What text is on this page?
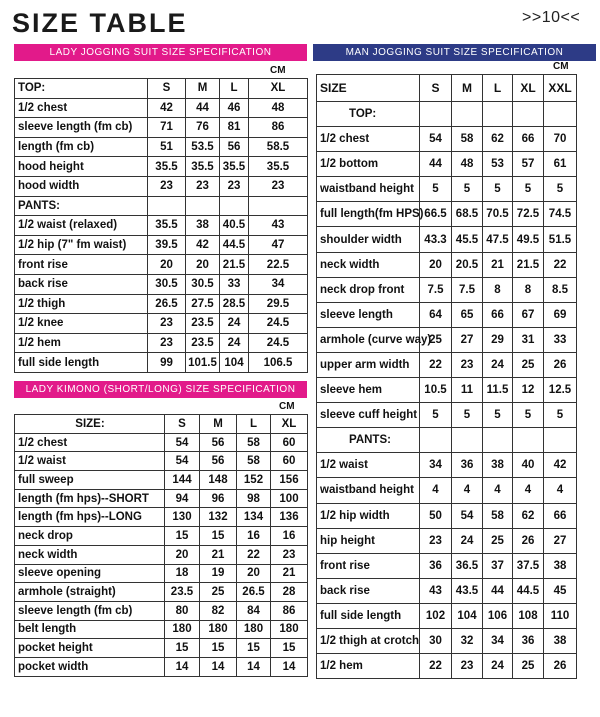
SIZE TABLE	>>10<<
LADY JOGGING SUIT SIZE SPECIFICATION
CM
TOP:	S	M	L	XL
1/2 chest	42	44	46	48
sleeve length (fm cb)	71	76	81	86
length (fm cb)	51	53.5	56	58.5
hood height	35.5	35.5	35.5	35.5
hood width	23	23	23	23
PANTS:				
1/2 waist (relaxed)	35.5	38	40.5	43
1/2 hip (7" fm waist)	39.5	42	44.5	47
front rise	20	20	21.5	22.5
back rise	30.5	30.5	33	34
1/2 thigh	26.5	27.5	28.5	29.5
1/2 knee	23	23.5	24	24.5
1/2 hem	23	23.5	24	24.5
full side length	99	101.5	104	106.5
LADY KIMONO (SHORT/LONG) SIZE SPECIFICATION
CM
SIZE:	S	M	L	XL
1/2 chest	54	56	58	60
1/2 waist	54	56	58	60
full sweep	144	148	152	156
length (fm hps)--SHORT	94	96	98	100
length (fm hps)--LONG	130	132	134	136
neck drop	15	15	16	16
neck width	20	21	22	23
sleeve opening	18	19	20	21
armhole (straight)	23.5	25	26.5	28
sleeve length (fm cb)	80	82	84	86
belt length	180	180	180	180
pocket height	15	15	15	15
pocket width	14	14	14	14
MAN JOGGING SUIT SIZE SPECIFICATION
CM
SIZE	S	M	L	XL	XXL
TOP:					
1/2 chest	54	58	62	66	70
1/2 bottom	44	48	53	57	61
waistband height	5	5	5	5	5
full length(fm HPS)	66.5	68.5	70.5	72.5	74.5
shoulder width	43.3	45.5	47.5	49.5	51.5
neck width	20	20.5	21	21.5	22
neck drop front	7.5	7.5	8	8	8.5
sleeve length	64	65	66	67	69
armhole (curve way)	25	27	29	31	33
upper arm width	22	23	24	25	26
sleeve hem	10.5	11	11.5	12	12.5
sleeve cuff height	5	5	5	5	5
PANTS:					
1/2 waist	34	36	38	40	42
waistband height	4	4	4	4	4
1/2 hip width	50	54	58	62	66
hip height	23	24	25	26	27
front rise	36	36.5	37	37.5	38
back rise	43	43.5	44	44.5	45
full side length	102	104	106	108	110
1/2 thigh at crotch	30	32	34	36	38
1/2 hem	22	23	24	25	26
